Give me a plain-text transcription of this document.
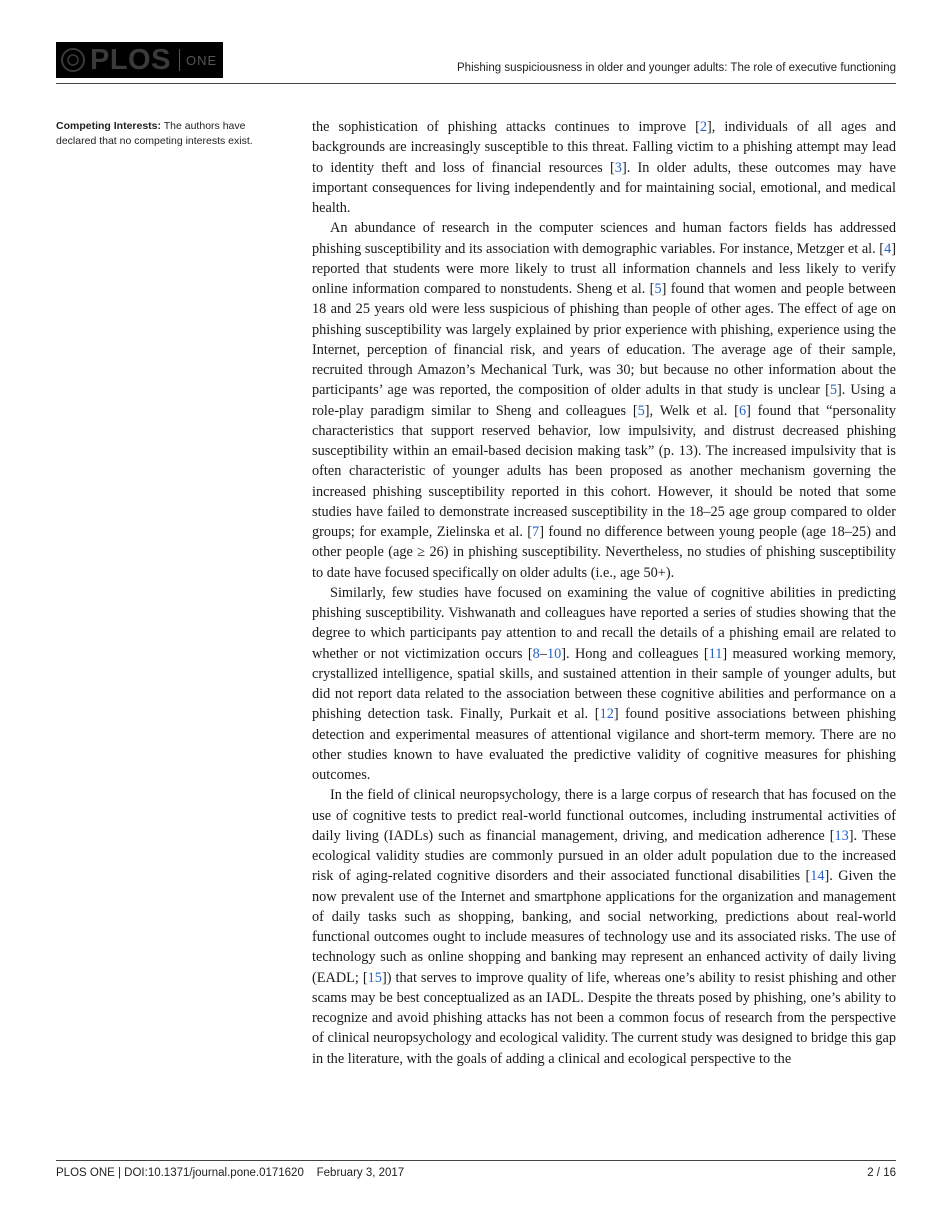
PLOS ONE
Phishing suspiciousness in older and younger adults: The role of executive functioning
Competing Interests: The authors have declared that no competing interests exist.

the sophistication of phishing attacks continues to improve [2], individuals of all ages and backgrounds are increasingly susceptible to this threat. Falling victim to a phishing attempt may lead to identity theft and loss of financial resources [3]. In older adults, these outcomes may have important consequences for living independently and for maintaining social, emotional, and medical health.

An abundance of research in the computer sciences and human factors fields has addressed phishing susceptibility and its association with demographic variables. For instance, Metzger et al. [4] reported that students were more likely to trust all information channels and less likely to verify online information compared to nonstudents. Sheng et al. [5] found that women and people between 18 and 25 years old were less suspicious of phishing than people of other ages. The effect of age on phishing susceptibility was largely explained by prior experience with phishing, experience using the Internet, perception of financial risk, and years of education. The average age of their sample, recruited through Amazon’s Mechanical Turk, was 30; but because no other information about the participants’ age was reported, the composition of older adults in that study is unclear [5]. Using a role-play paradigm similar to Sheng and colleagues [5], Welk et al. [6] found that “personality characteristics that support reserved behavior, low impulsivity, and distrust decreased phishing susceptibility within an email-based decision making task” (p. 13). The increased impulsivity that is often characteristic of younger adults has been proposed as another mechanism governing the increased phishing susceptibility reported in this cohort. However, it should be noted that some studies have failed to demonstrate increased susceptibility in the 18–25 age group compared to older groups; for example, Zielinska et al. [7] found no difference between young people (age 18–25) and other people (age ≥ 26) in phishing susceptibility. Nevertheless, no studies of phishing susceptibility to date have focused specifically on older adults (i.e., age 50+).

Similarly, few studies have focused on examining the value of cognitive abilities in predicting phishing susceptibility. Vishwanath and colleagues have reported a series of studies showing that the degree to which participants pay attention to and recall the details of a phishing email are related to whether or not victimization occurs [8–10]. Hong and colleagues [11] measured working memory, crystallized intelligence, spatial skills, and sustained attention in their sample of younger adults, but did not report data related to the association between these cognitive abilities and performance on a phishing detection task. Finally, Purkait et al. [12] found positive associations between phishing detection and experimental measures of attentional vigilance and short-term memory. There are no other studies known to have evaluated the predictive validity of cognitive measures for phishing outcomes.

In the field of clinical neuropsychology, there is a large corpus of research that has focused on the use of cognitive tests to predict real-world functional outcomes, including instrumental activities of daily living (IADLs) such as financial management, driving, and medication adherence [13]. These ecological validity studies are commonly pursued in an older adult population due to the increased risk of aging-related cognitive disorders and their associated functional disabilities [14]. Given the now prevalent use of the Internet and smartphone applications for the organization and management of daily tasks such as shopping, banking, and social networking, predictions about real-world functional outcomes ought to include measures of technology use and its associated risks. The use of technology such as online shopping and banking may represent an enhanced activity of daily living (EADL; [15]) that serves to improve quality of life, whereas one’s ability to resist phishing and other scams may be best conceptualized as an IADL. Despite the threats posed by phishing, one’s ability to recognize and avoid phishing attacks has not been a common focus of research from the perspective of clinical neuropsychology and ecological validity. The current study was designed to bridge this gap in the literature, with the goals of adding a clinical and ecological perspective to the

PLOS ONE | DOI:10.1371/journal.pone.0171620    February 3, 2017	2 / 16
